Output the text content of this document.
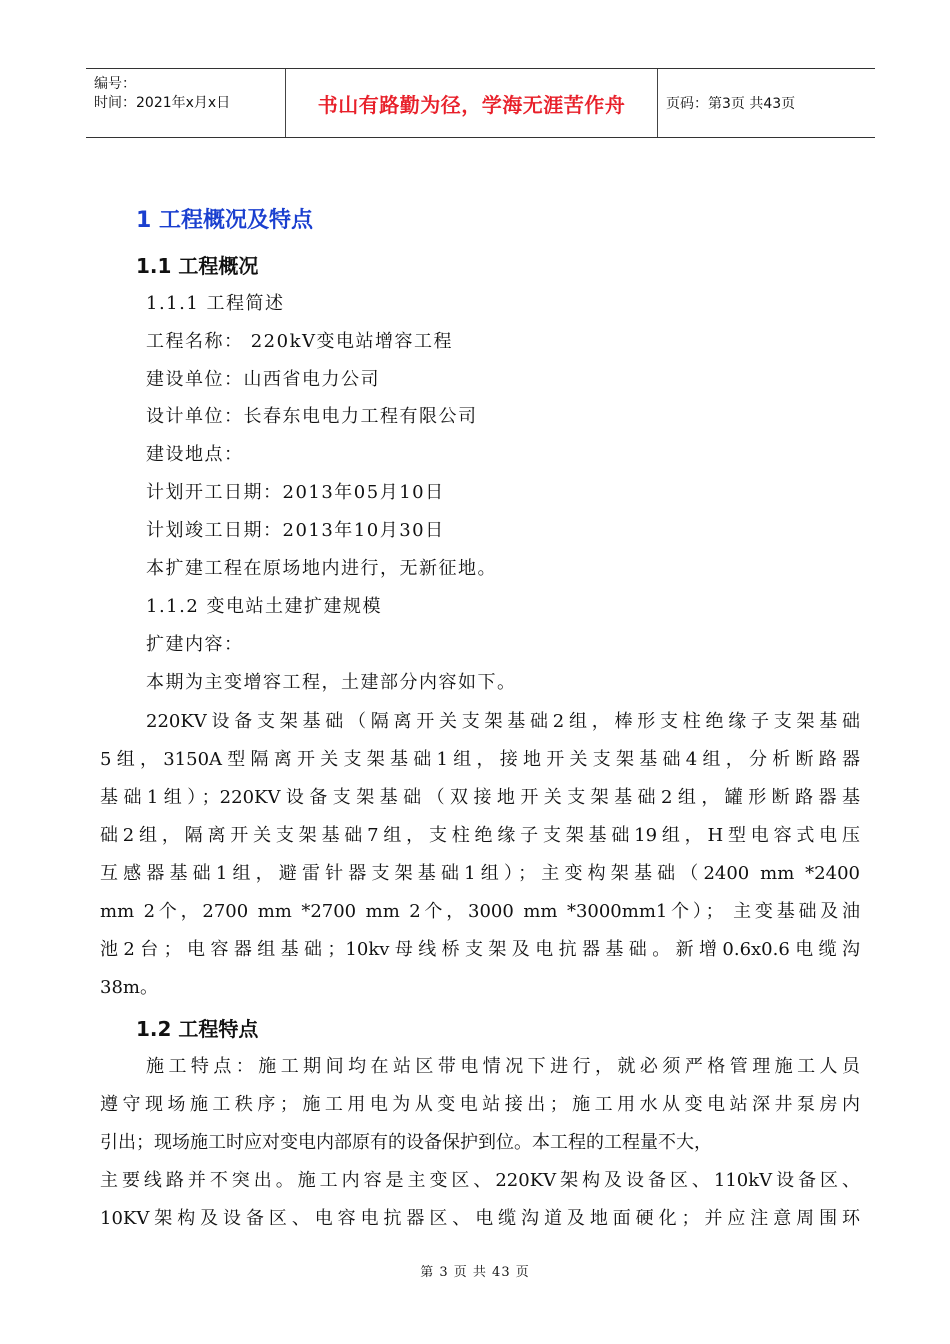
编号：
时间：2021年x月x日	书山有路勤为径，学海无涯苦作舟	页码：第3页 共43页
1 工程概况及特点
1.1 工程概况
1.1.1 工程简述
工程名称： 220kV变电站增容工程
建设单位：山西省电力公司
设计单位：长春东电电力工程有限公司
建设地点：
计划开工日期：2013年05月10日
计划竣工日期：2013年10月30日
本扩建工程在原场地内进行，无新征地。
1.1.2 变电站土建扩建规模
扩建内容：
本期为主变增容工程，土建部分内容如下。
220KV设备支架基础（隔离开关支架基础2组，棒形支柱绝缘子支架基础
5组，3150A型隔离开关支架基础1组，接地开关支架基础4组，分析断路器
基础1组）；220KV设备支架基础（双接地开关支架基础2组，罐形断路器基
础2组，隔离开关支架基础7组，支柱绝缘子支架基础19组，H型电容式电压
互感器基础1组，避雷针器支架基础1组）；主变构架基础（2400 mm *2400
mm 2个，2700 mm *2700 mm 2个，3000 mm *3000mm1个）； 主变基础及油
池2台；电容器组基础；10kv母线桥支架及电抗器基础。新增0.6x0.6电缆沟
38m。
1.2 工程特点
施工特点：施工期间均在站区带电情况下进行，就必须严格管理施工人员
遵守现场施工秩序；施工用电为从变电站接出；施工用水从变电站深井泵房内
引出；现场施工时应对变电内部原有的设备保护到位。本工程的工程量不大，
主要线路并不突出。施工内容是主变区、220KV架构及设备区、110kV设备区、
10KV架构及设备区、电容电抗器区、电缆沟道及地面硬化；并应注意周围环
第 3 页 共 43 页
